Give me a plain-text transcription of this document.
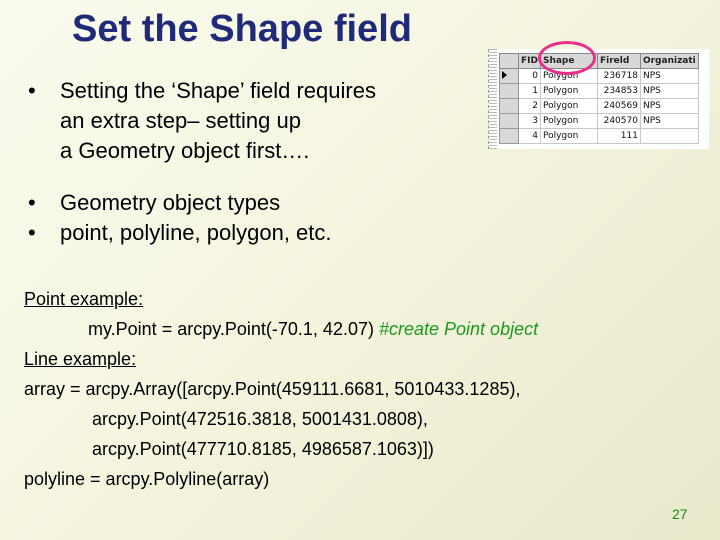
Set the Shape field
•	Setting the ‘Shape’ field requires
an extra step– setting up
a Geometry object first….
•	Geometry object types
•	point, polyline, polygon, etc.
	FID	Shape	Fireld	Organizati
	0	Polygon	236718	NPS
	1	Polygon	234853	NPS
	2	Polygon	240569	NPS
	3	Polygon	240570	NPS
	4	Polygon	111	
Point example:
my.Point = arcpy.Point(-70.1, 42.07) #create Point object
Line example:
array = arcpy.Array([arcpy.Point(459111.6681, 5010433.1285),
arcpy.Point(472516.3818, 5001431.0808),
arcpy.Point(477710.8185, 4986587.1063)])
polyline = arcpy.Polyline(array)
27
